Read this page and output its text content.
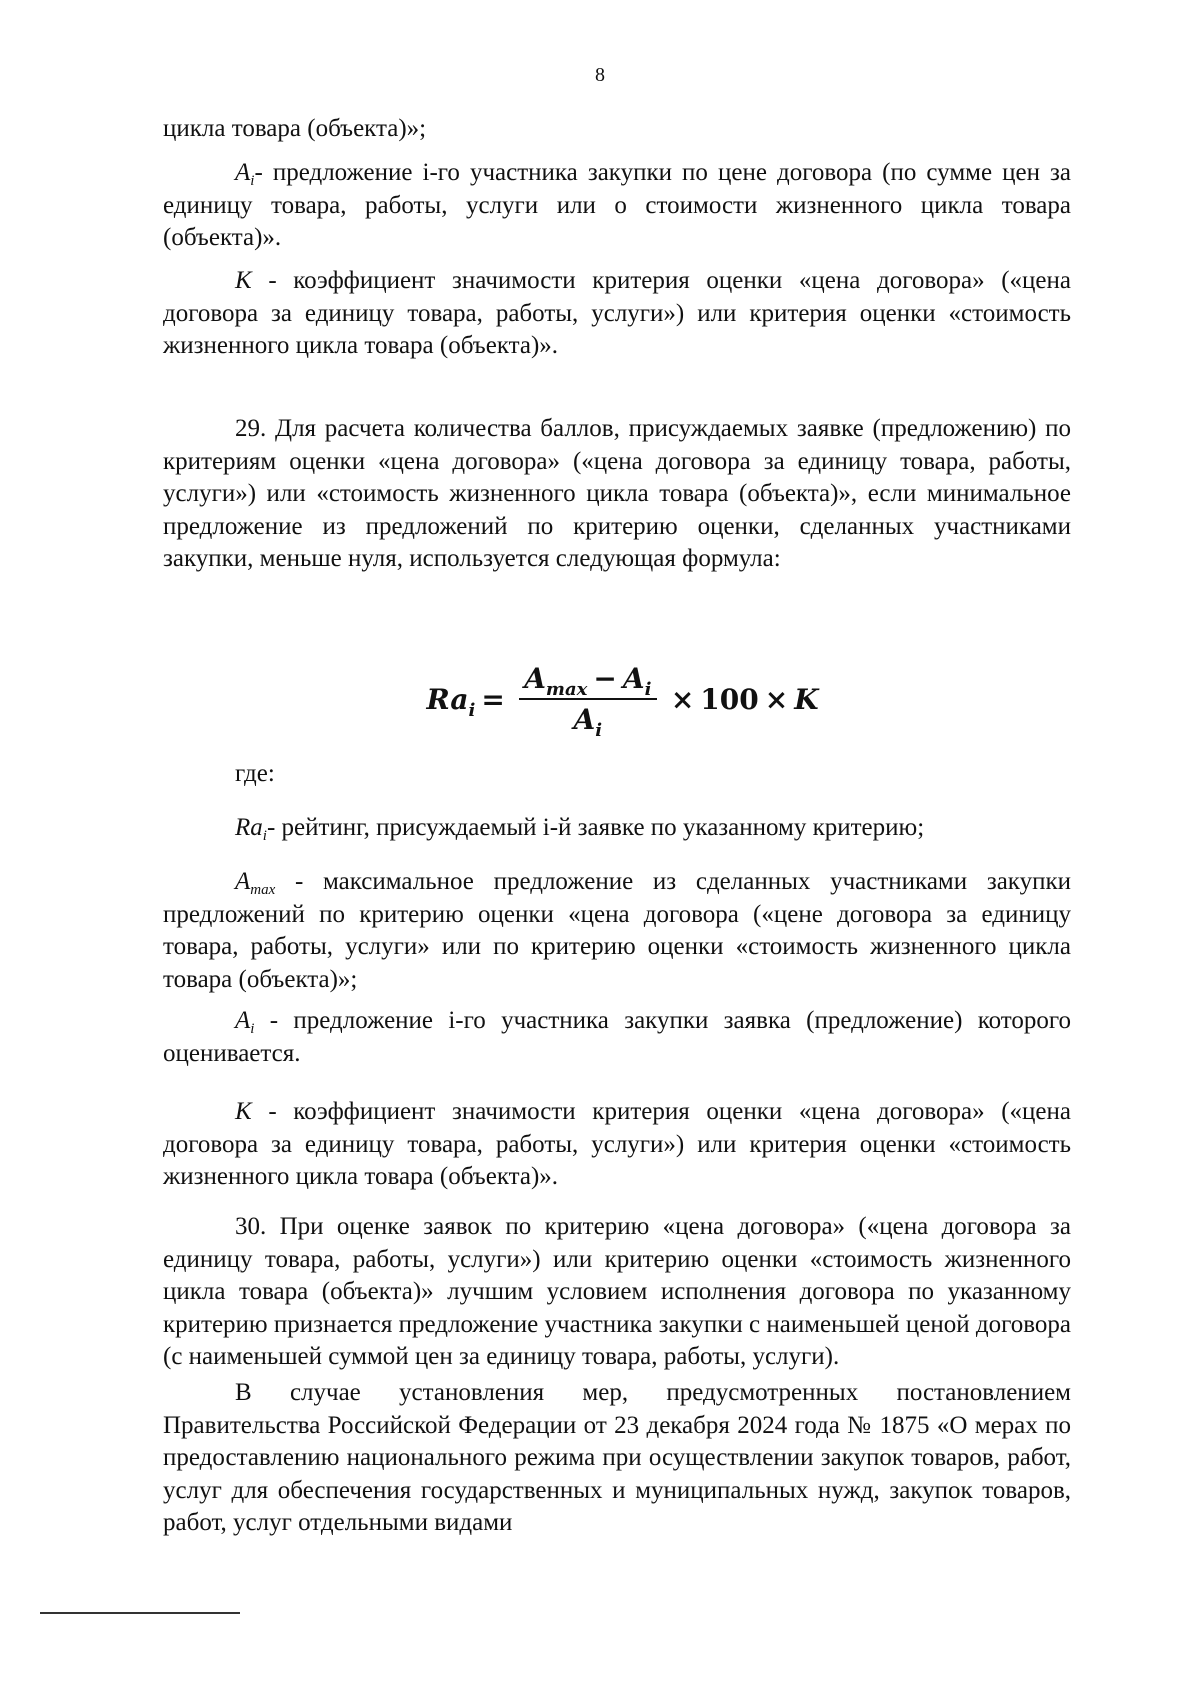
8
цикла товара (объекта)»;
$A_i-$ предложение i-го участника закупки по цене договора (по сумме цен за единицу товара, работы, услуги или о стоимости жизненного цикла товара (объекта)».
K - коэффициент значимости критерия оценки «цена договора» («цена договора за единицу товара, работы, услуги») или критерия оценки «стоимость жизненного цикла товара (объекта)».
29. Для расчета количества баллов, присуждаемых заявке (предложению) по критериям оценки «цена договора» («цена договора за единицу товара, работы, услуги») или «стоимость жизненного цикла товара (объекта)», если минимальное предложение из предложений по критерию оценки, сделанных участниками закупки, меньше нуля, используется следующая формула:
$Ra_i = \frac{A_{max} - A_i}{A_i} \times 100 \times K$
где:
$Ra_i-$ рейтинг, присуждаемый i-й заявке по указанному критерию;
$A_{max}$ - максимальное предложение из сделанных участниками закупки предложений по критерию оценки «цена договора («цене договора за единицу товара, работы, услуги» или по критерию оценки «стоимость жизненного цикла товара (объекта)»;
$A_i$ - предложение i-го участника закупки заявка (предложение) которого оценивается.
K - коэффициент значимости критерия оценки «цена договора» («цена договора за единицу товара, работы, услуги») или критерия оценки «стоимость жизненного цикла товара (объекта)».
30. При оценке заявок по критерию «цена договора» («цена договора за единицу товара, работы, услуги») или критерию оценки «стоимость жизненного цикла товара (объекта)» лучшим условием исполнения договора по указанному критерию признается предложение участника закупки с наименьшей ценой договора (с наименьшей суммой цен за единицу товара, работы, услуги).
В случае установления мер, предусмотренных постановлением Правительства Российской Федерации от 23 декабря 2024 года № 1875 «О мерах по предоставлению национального режима при осуществлении закупок товаров, работ, услуг для обеспечения государственных и муниципальных нужд, закупок товаров, работ, услуг отдельными видами
